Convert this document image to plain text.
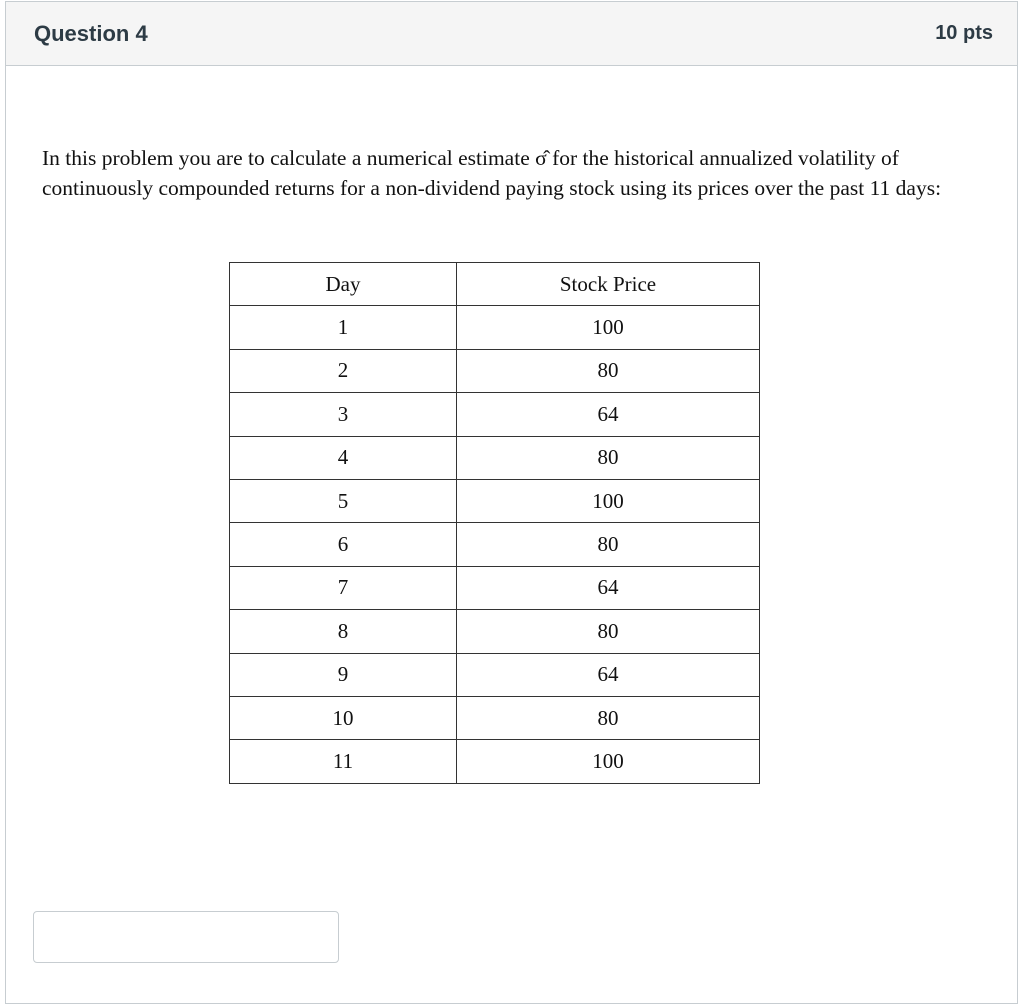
Question 4	10 pts

In this problem you are to calculate a numerical estimate σ̂ for the historical annualized volatility of continuously compounded returns for a non-dividend paying stock using its prices over the past 11 days:

Day	Stock Price
1	100
2	80
3	64
4	80
5	100
6	80
7	64
8	80
9	64
10	80
11	100
